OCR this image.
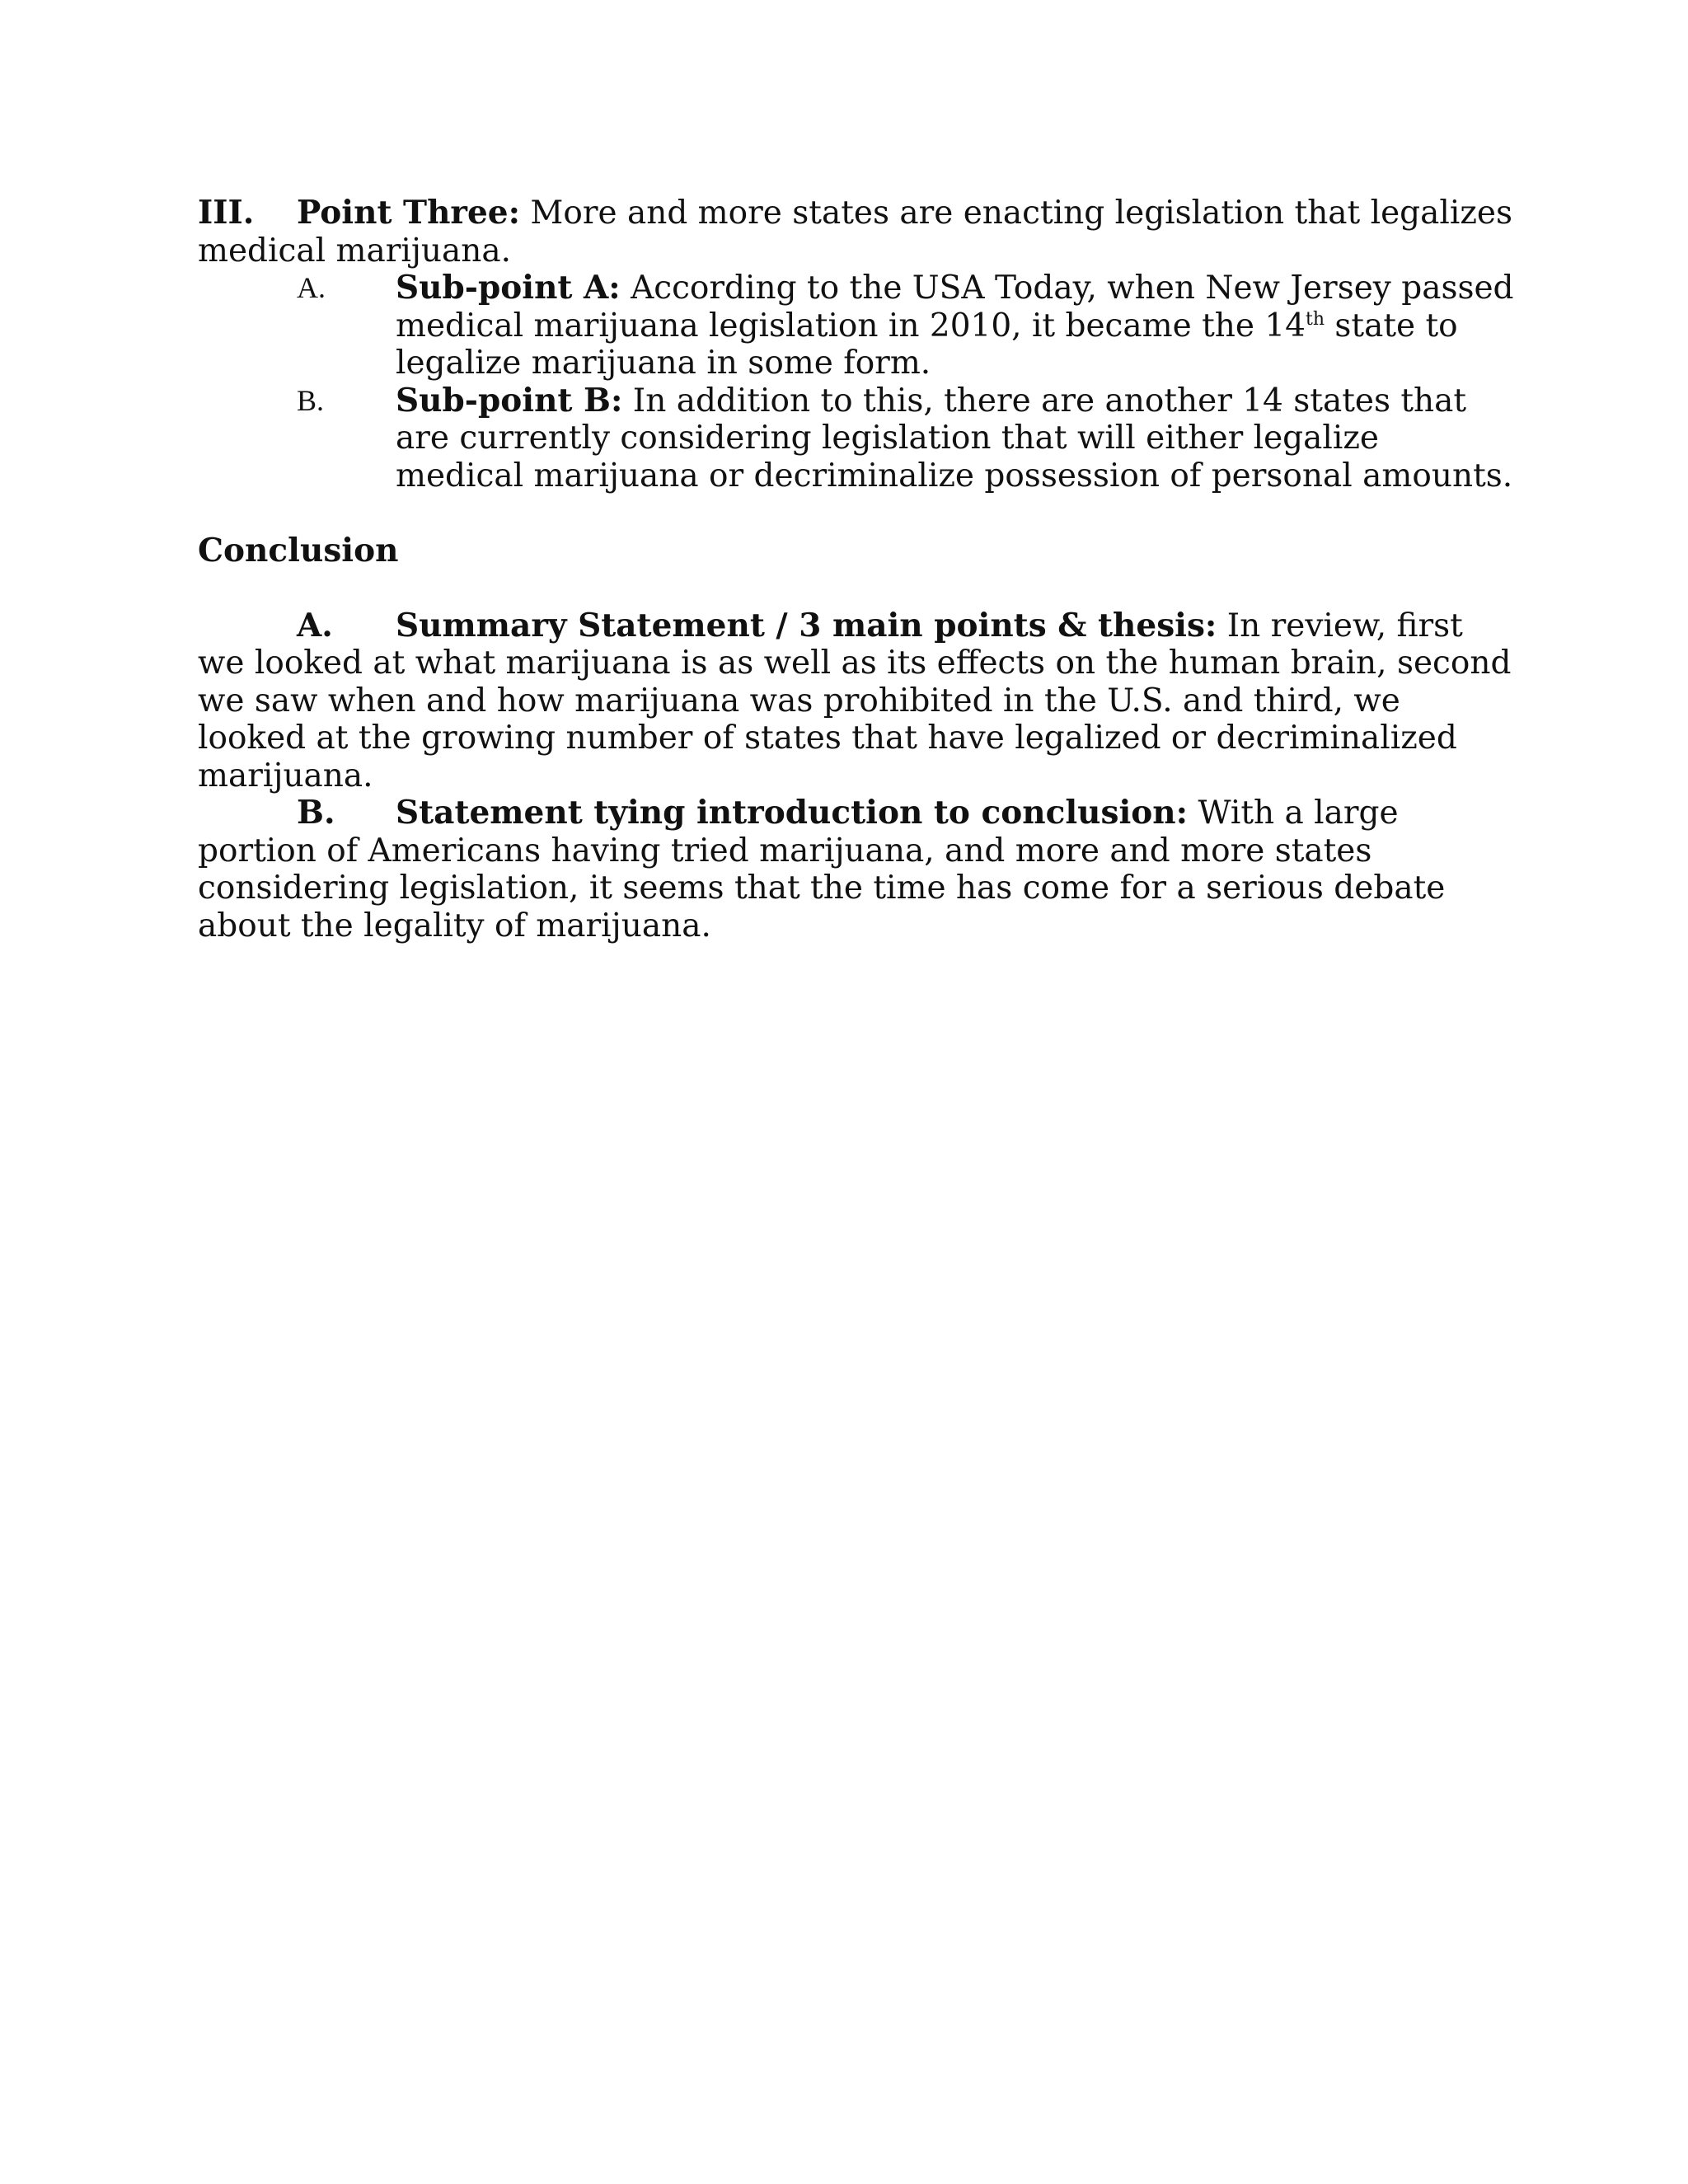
III. Point Three: More and more states are enacting legislation that legalizes medical marijuana.
A. Sub-point A: According to the USA Today, when New Jersey passed medical marijuana legislation in 2010, it became the 14th state to legalize marijuana in some form.
B. Sub-point B: In addition to this, there are another 14 states that are currently considering legislation that will either legalize medical marijuana or decriminalize possession of personal amounts.
Conclusion
A. Summary Statement / 3 main points & thesis: In review, first we looked at what marijuana is as well as its effects on the human brain, second we saw when and how marijuana was prohibited in the U.S. and third, we looked at the growing number of states that have legalized or decriminalized marijuana.
B. Statement tying introduction to conclusion: With a large portion of Americans having tried marijuana, and more and more states considering legislation, it seems that the time has come for a serious debate about the legality of marijuana.
